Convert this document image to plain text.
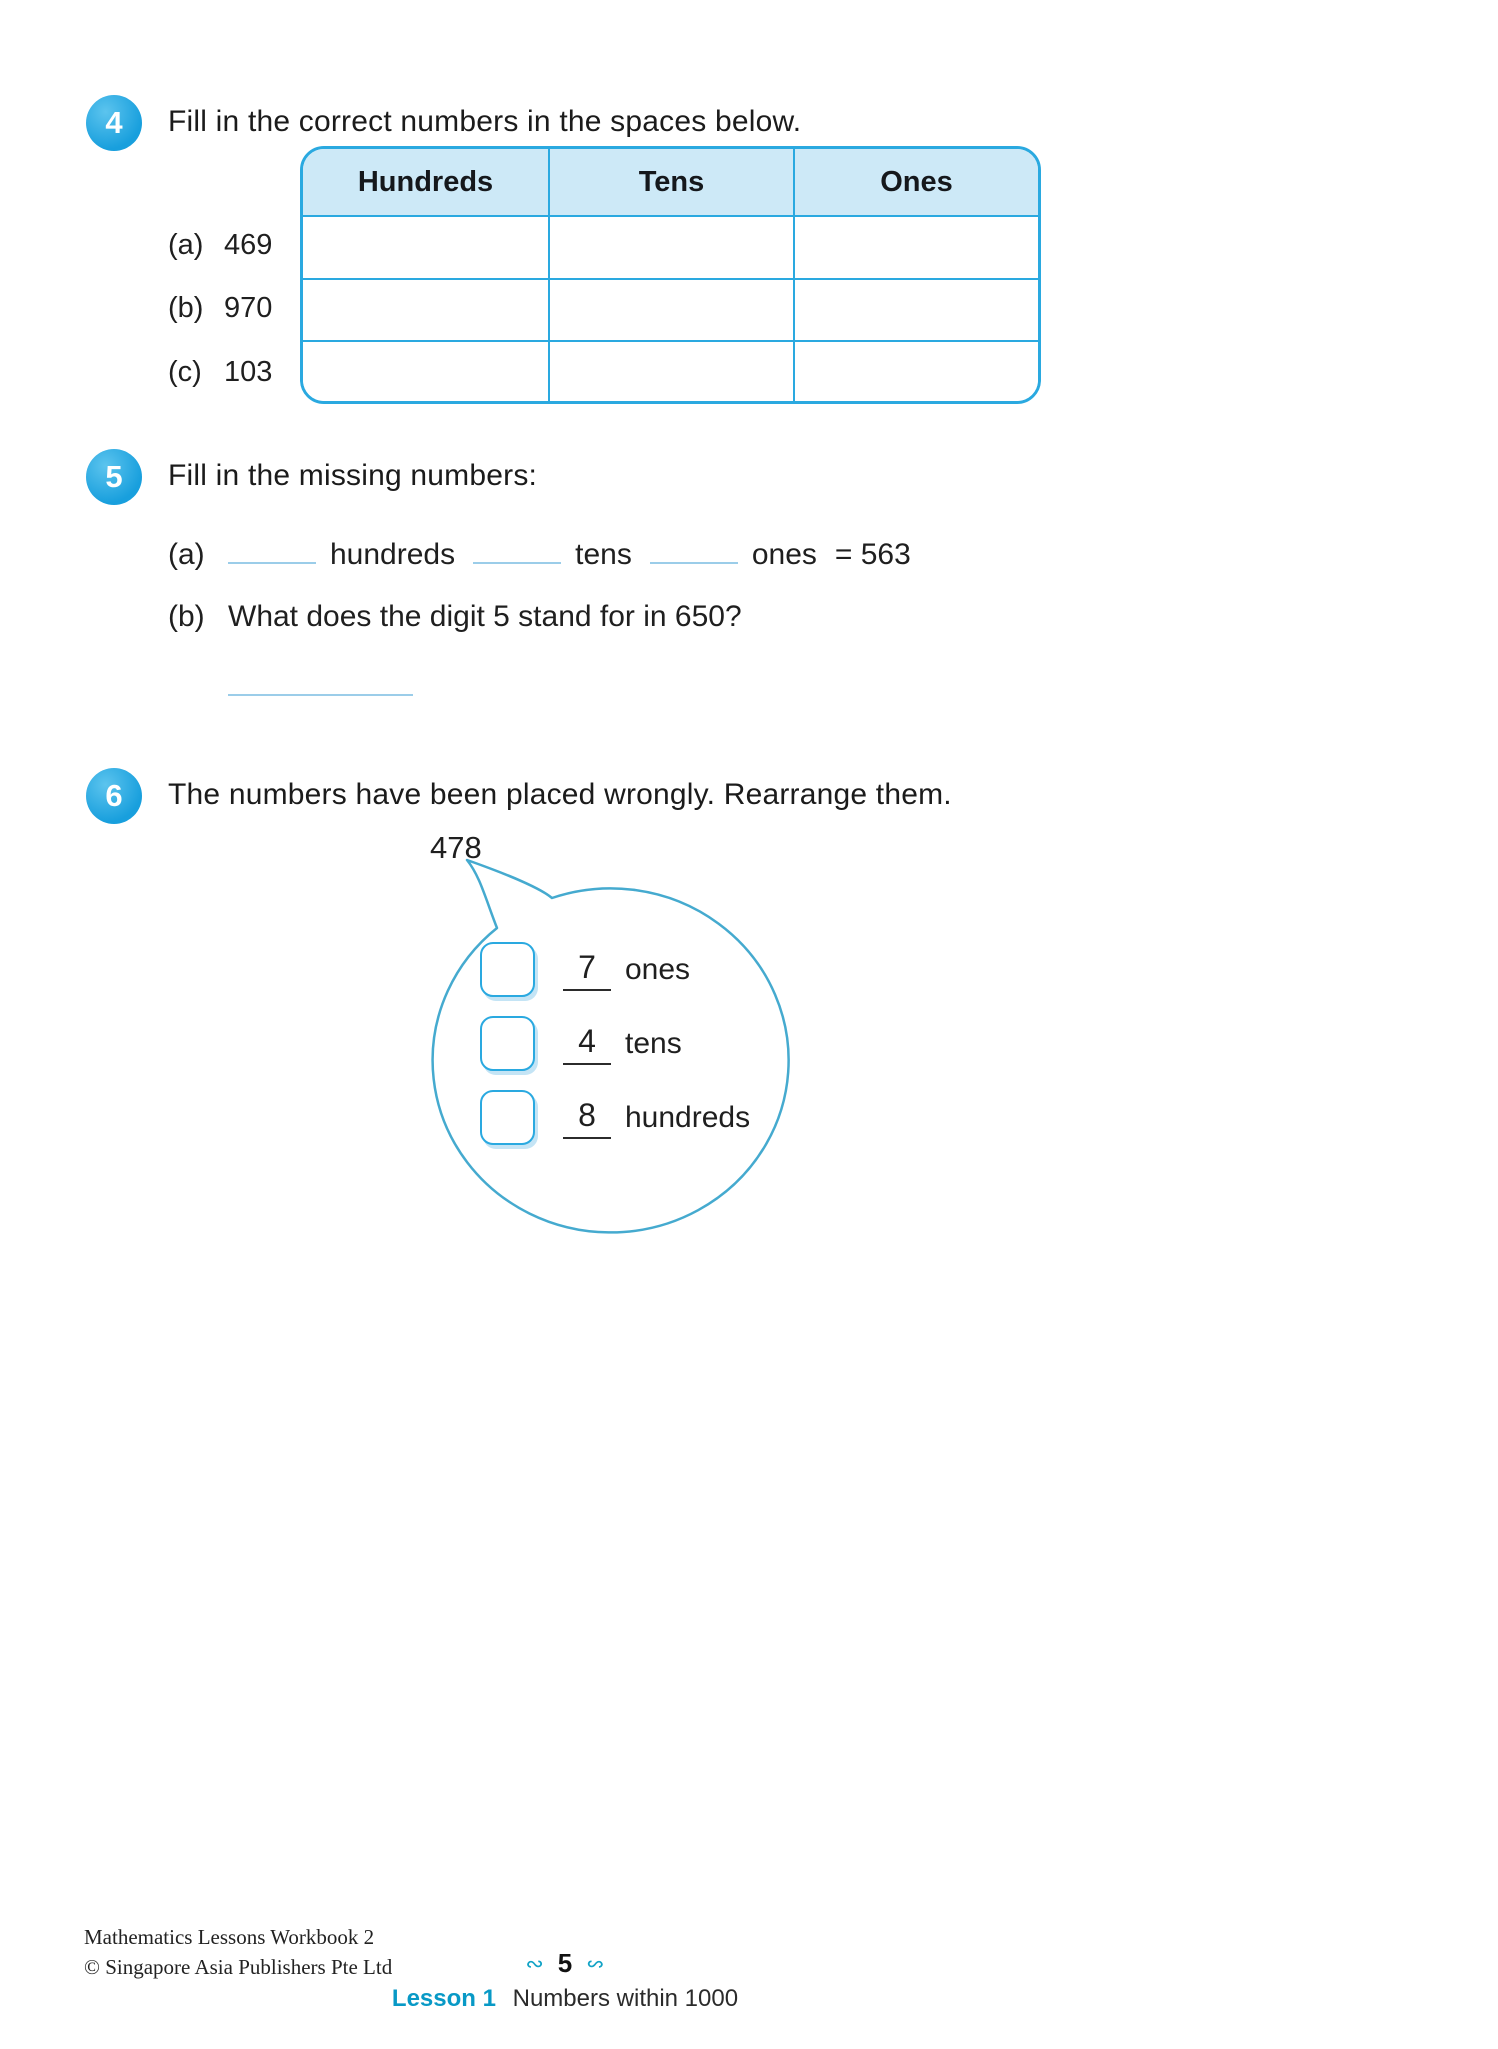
4 Fill in the correct numbers in the spaces below.
Hundreds	Tens	Ones
(a) 469
(b) 970
(c) 103
5 Fill in the missing numbers:
(a)	hundreds	tens	ones = 563
(b) What does the digit 5 stand for in 650?
6 The numbers have been placed wrongly. Rearrange them.
478
7 ones
4 tens
8 hundreds
Mathematics Lessons Workbook 2
© Singapore Asia Publishers Pte Ltd	∾ 5 ∾
Lesson 1 Numbers within 1000
